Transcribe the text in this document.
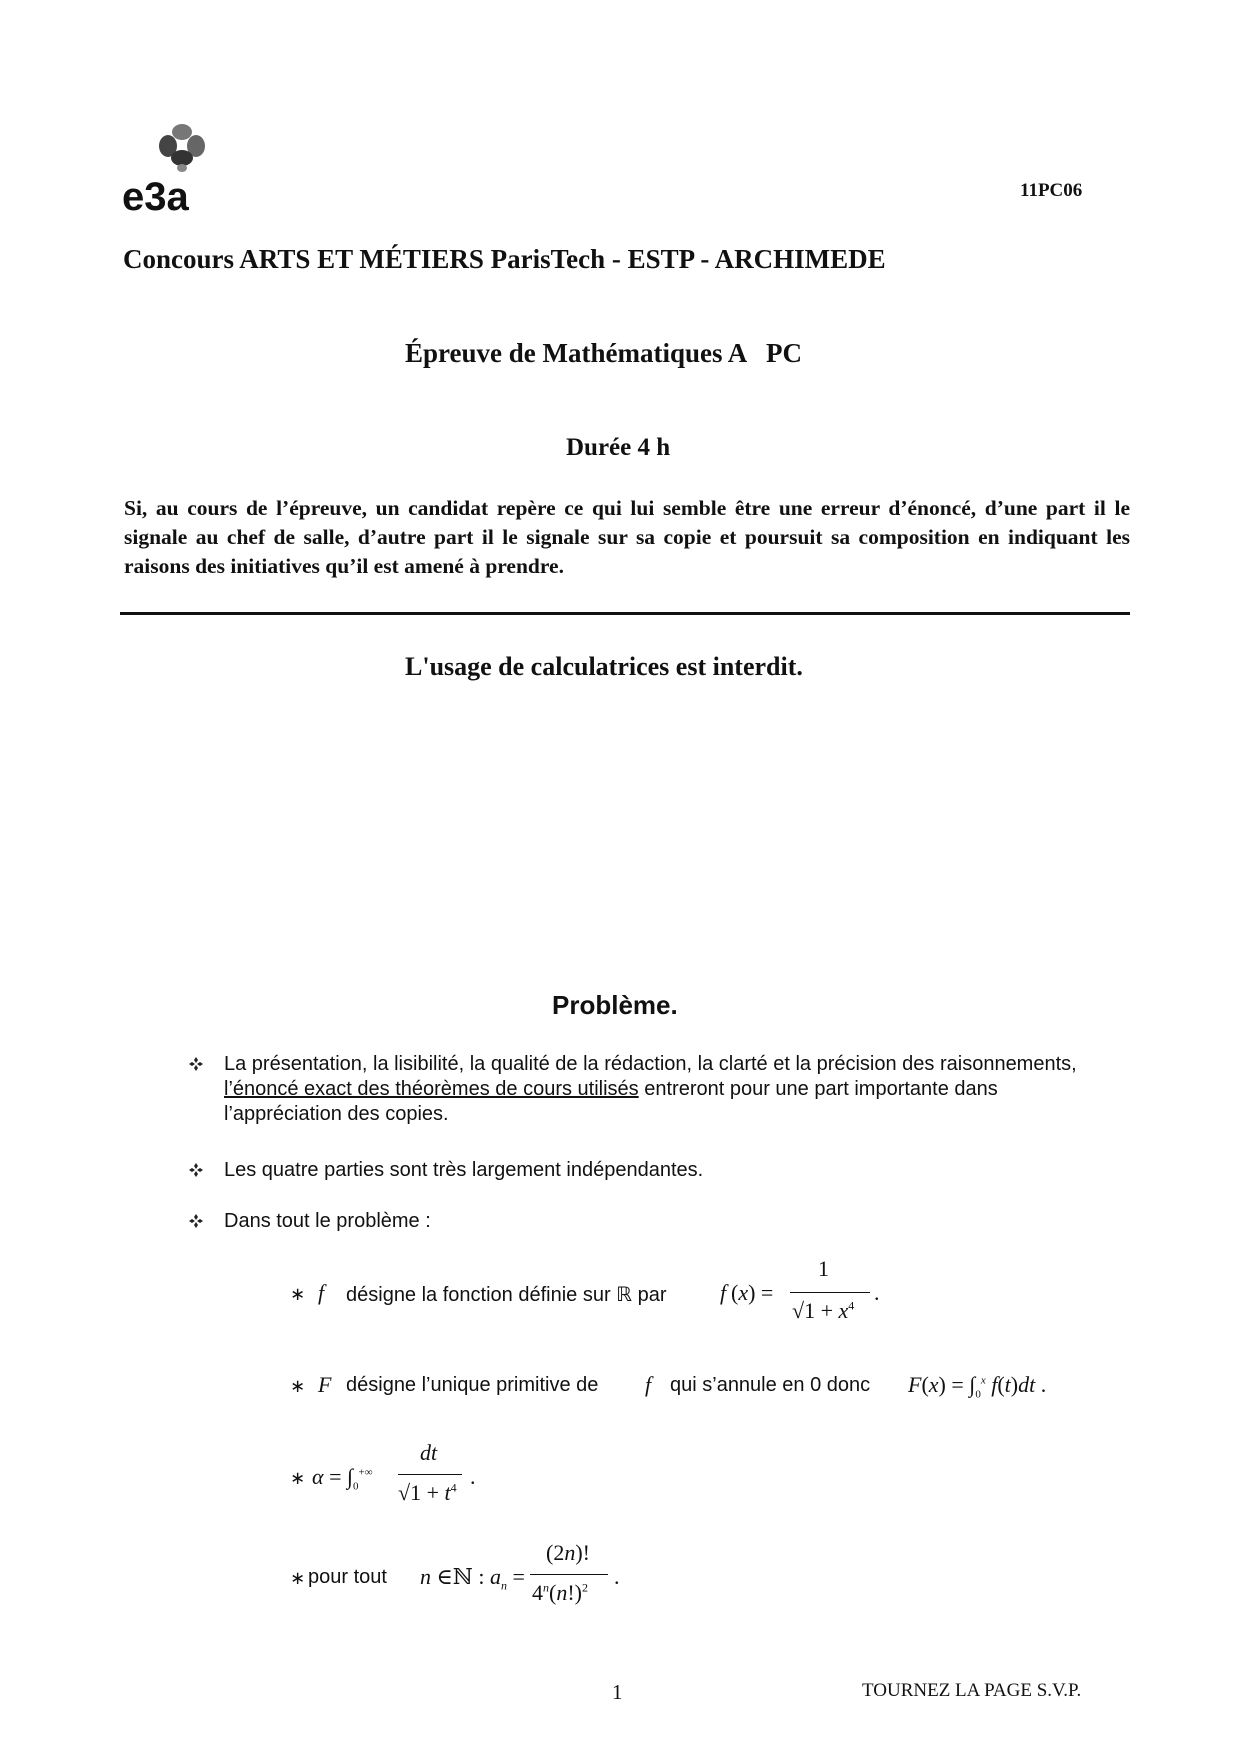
e3a	11PC06
Concours ARTS ET MÉTIERS ParisTech - ESTP - ARCHIMEDE
Épreuve de Mathématiques A   PC
Durée 4 h
Si, au cours de l’épreuve, un candidat repère ce qui lui semble être une erreur d’énoncé, d’une part il le signale au chef de salle, d’autre part il le signale sur sa copie et poursuit sa composition en indiquant les raisons des initiatives qu’il est amené à prendre.
L'usage de calculatrices est interdit.
Problème.
La présentation, la lisibilité, la qualité de la rédaction, la clarté et la précision des raisonnements, l’énoncé exact des théorèmes de cours utilisés entreront pour une part importante dans l’appréciation des copies.
Les quatre parties sont très largement indépendantes.
Dans tout le problème :
∗ f désigne la fonction définie sur ℝ par f (x) =
1
$√1 + x^4$
.
∗ F désigne l’unique primitive de f qui s’annule en 0 donc $F(x) = \int_0^x$ f(t)dt .
∗ $\alpha = \int_0^{+\infty}$
dt
$√1 + t^4$ .
∗ pour tout n ∈ℕ : $a_n$ =
(2n)!
$4^n(n!)^2$ .
1	TOURNEZ LA PAGE S.V.P.
